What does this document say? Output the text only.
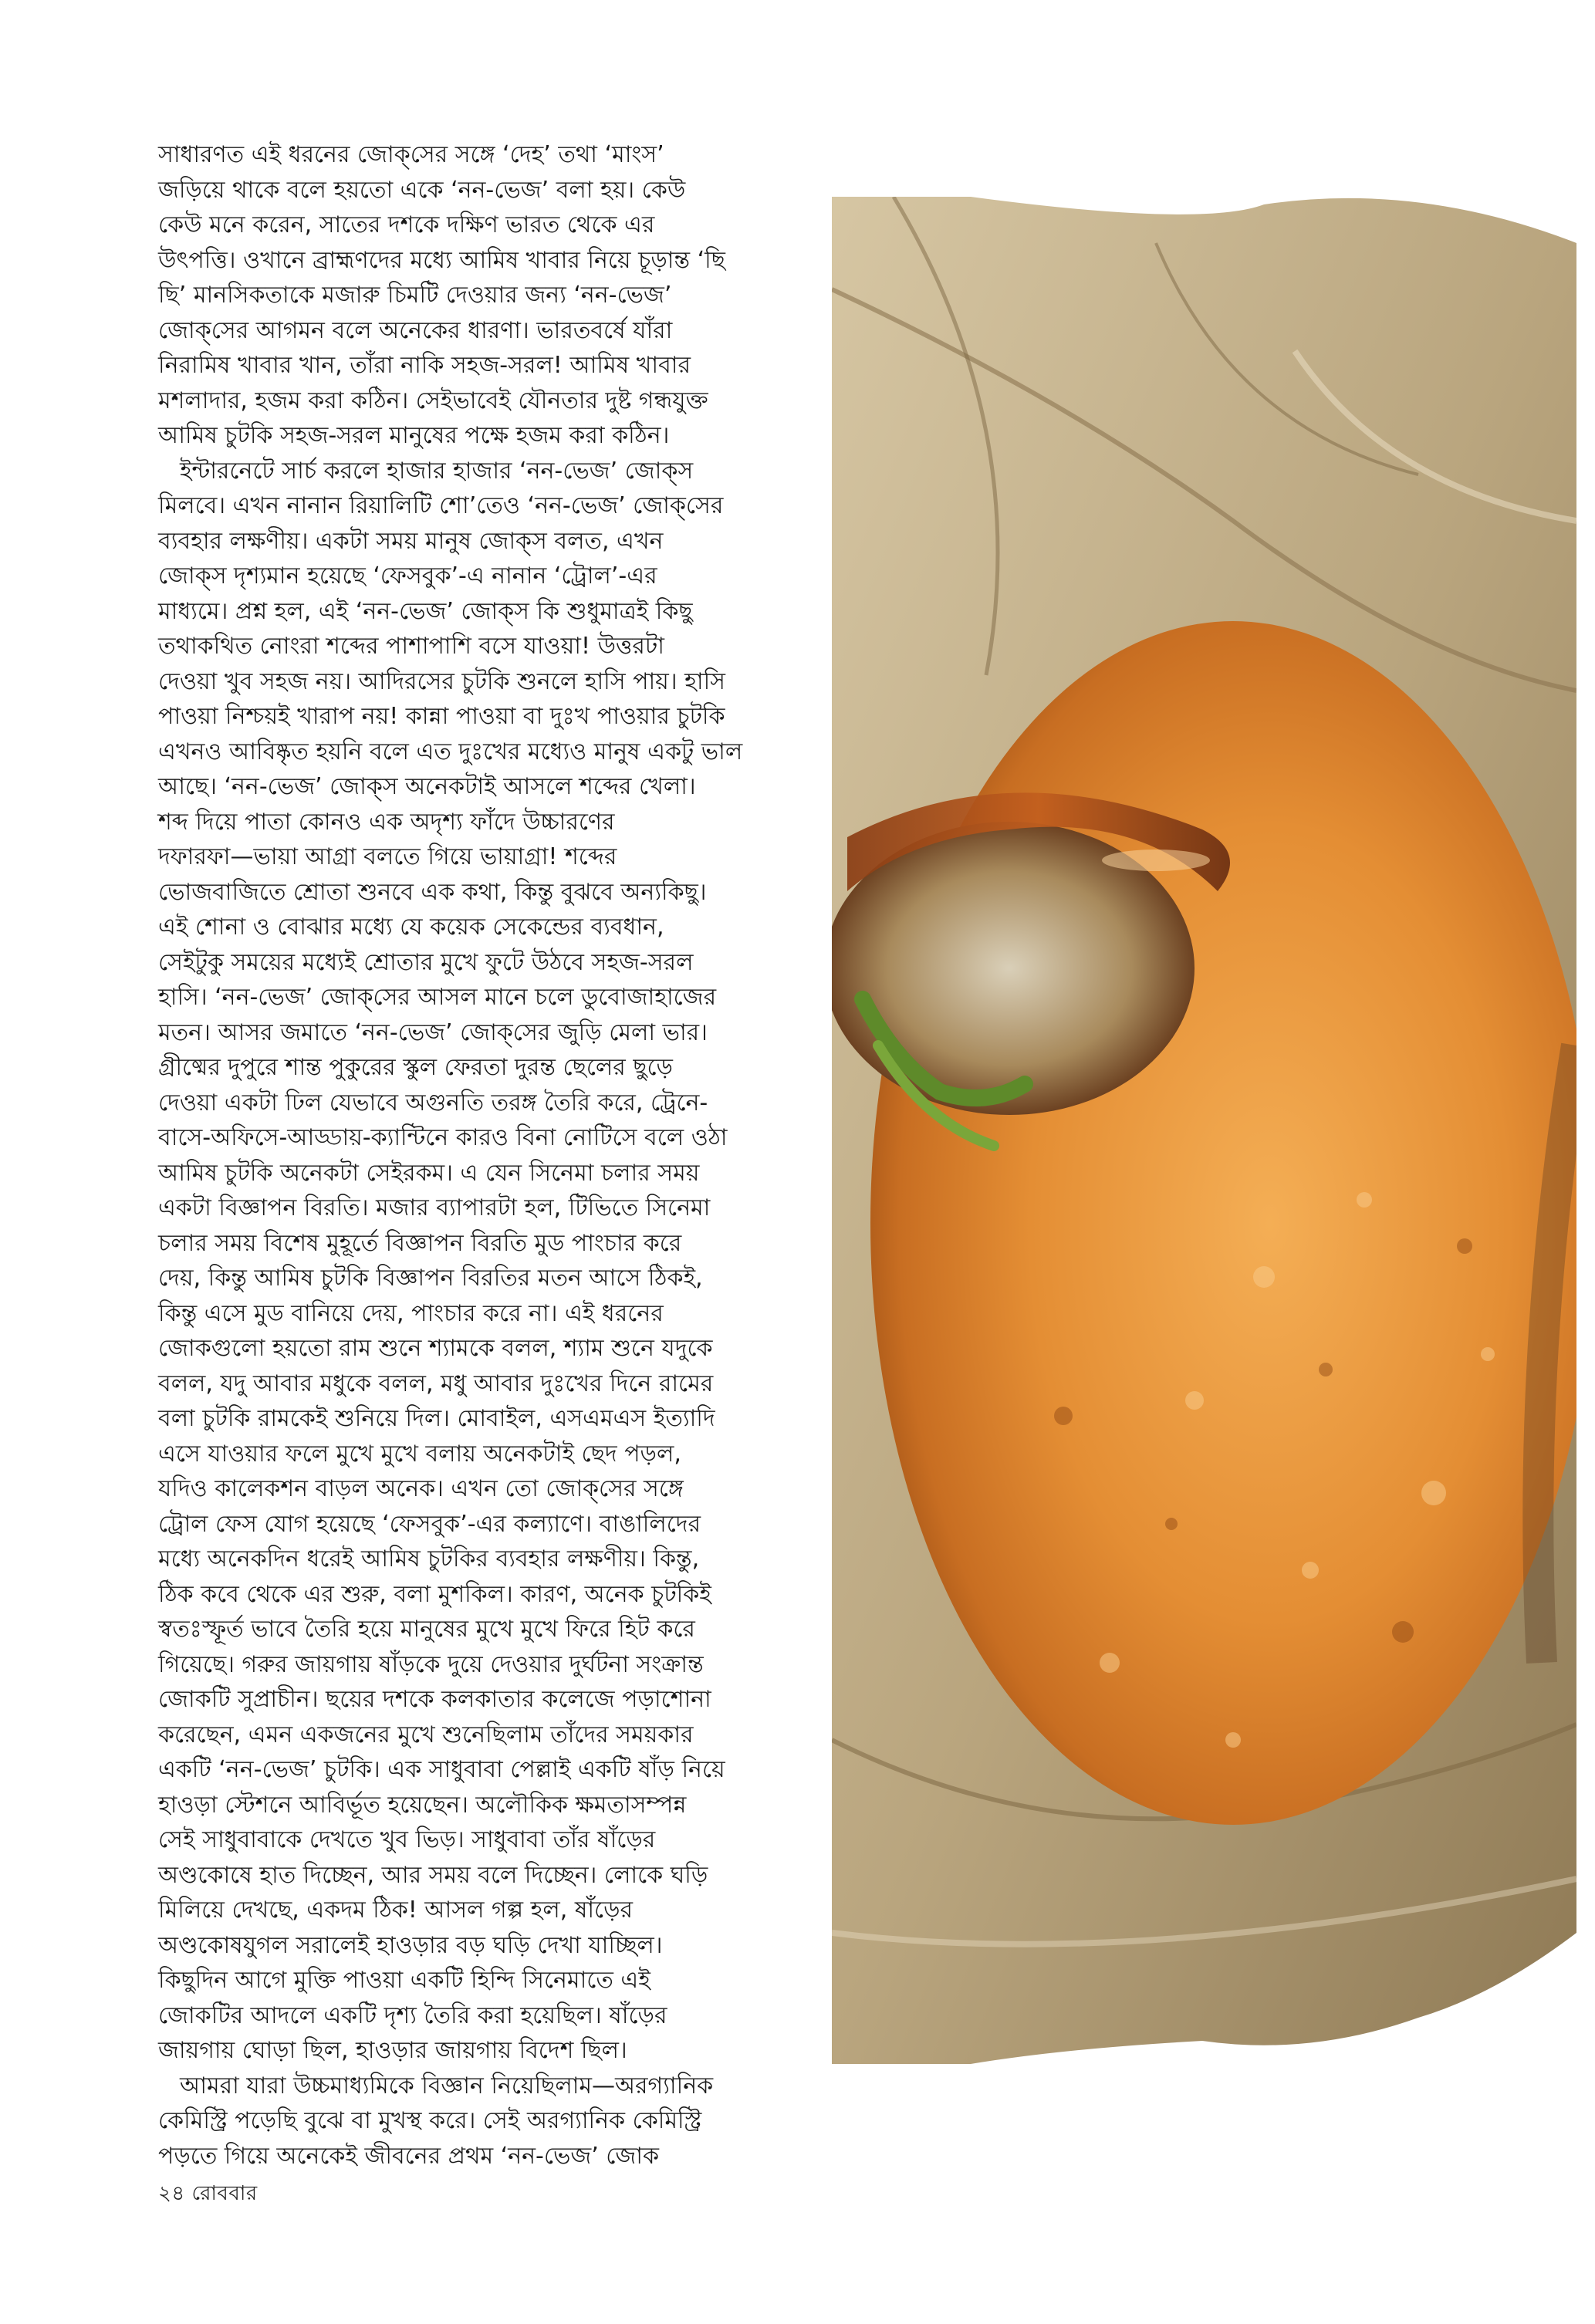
সাধারণত এই ধরনের জোক্‌সের সঙ্গে ‘দেহ’ তথা ‘মাংস’
জড়িয়ে থাকে বলে হয়তো একে ‘নন-ভেজ’ বলা হয়। কেউ
কেউ মনে করেন, সাতের দশকে দক্ষিণ ভারত থেকে এর
উৎপত্তি। ওখানে ব্রাহ্মণদের মধ্যে আমিষ খাবার নিয়ে চূড়ান্ত ‘ছি
ছি’ মানসিকতাকে মজারু চিমটি দেওয়ার জন্য ‘নন-ভেজ’
জোক্‌সের আগমন বলে অনেকের ধারণা। ভারতবর্ষে যাঁরা
নিরামিষ খাবার খান, তাঁরা নাকি সহজ-সরল! আমিষ খাবার
মশলাদার, হজম করা কঠিন। সেইভাবেই যৌনতার দুষ্ট গন্ধযুক্ত
আমিষ চুটকি সহজ-সরল মানুষের পক্ষে হজম করা কঠিন।

ইন্টারনেটে সার্চ করলে হাজার হাজার ‘নন-ভেজ’ জোক্‌স
মিলবে। এখন নানান রিয়ালিটি শো’তেও ‘নন-ভেজ’ জোক্‌সের
ব্যবহার লক্ষণীয়। একটা সময় মানুষ জোক্‌স বলত, এখন
জোক্‌স দৃশ্যমান হয়েছে ‘ফেসবুক’-এ নানান ‘ট্রোল’-এর
মাধ্যমে। প্রশ্ন হল, এই ‘নন-ভেজ’ জোক্‌স কি শুধুমাত্রই কিছু
তথাকথিত নোংরা শব্দের পাশাপাশি বসে যাওয়া! উত্তরটা
দেওয়া খুব সহজ নয়। আদিরসের চুটকি শুনলে হাসি পায়। হাসি
পাওয়া নিশ্চয়ই খারাপ নয়! কান্না পাওয়া বা দুঃখ পাওয়ার চুটকি
এখনও আবিষ্কৃত হয়নি বলে এত দুঃখের মধ্যেও মানুষ একটু ভাল
আছে। ‘নন-ভেজ’ জোক্‌স অনেকটাই আসলে শব্দের খেলা।
শব্দ দিয়ে পাতা কোনও এক অদৃশ্য ফাঁদে উচ্চারণের
দফারফা—ভায়া আগ্রা বলতে গিয়ে ভায়াগ্রা! শব্দের
ভোজবাজিতে শ্রোতা শুনবে এক কথা, কিন্তু বুঝবে অন্যকিছু।
এই শোনা ও বোঝার মধ্যে যে কয়েক সেকেন্ডের ব্যবধান,
সেইটুকু সময়ের মধ্যেই শ্রোতার মুখে ফুটে উঠবে সহজ-সরল
হাসি। ‘নন-ভেজ’ জোক্‌সের আসল মানে চলে ডুবোজাহাজের
মতন। আসর জমাতে ‘নন-ভেজ’ জোক্‌সের জুড়ি মেলা ভার।
গ্রীষ্মের দুপুরে শান্ত পুকুরের স্কুল ফেরতা দুরন্ত ছেলের ছুড়ে
দেওয়া একটা ঢিল যেভাবে অগুনতি তরঙ্গ তৈরি করে, ট্রেনে-
বাসে-অফিসে-আড্ডায়-ক্যান্টিনে কারও বিনা নোটিসে বলে ওঠা
আমিষ চুটকি অনেকটা সেইরকম। এ যেন সিনেমা চলার সময়
একটা বিজ্ঞাপন বিরতি। মজার ব্যাপারটা হল, টিভিতে সিনেমা
চলার সময় বিশেষ মুহূর্তে বিজ্ঞাপন বিরতি মুড পাংচার করে
দেয়, কিন্তু আমিষ চুটকি বিজ্ঞাপন বিরতির মতন আসে ঠিকই,
কিন্তু এসে মুড বানিয়ে দেয়, পাংচার করে না। এই ধরনের
জোকগুলো হয়তো রাম শুনে শ্যামকে বলল, শ্যাম শুনে যদুকে
বলল, যদু আবার মধুকে বলল, মধু আবার দুঃখের দিনে রামের
বলা চুটকি রামকেই শুনিয়ে দিল। মোবাইল, এসএমএস ইত্যাদি
এসে যাওয়ার ফলে মুখে মুখে বলায় অনেকটাই ছেদ পড়ল,
যদিও কালেকশন বাড়ল অনেক। এখন তো জোক্‌সের সঙ্গে
ট্রোল ফেস যোগ হয়েছে ‘ফেসবুক’-এর কল্যাণে। বাঙালিদের
মধ্যে অনেকদিন ধরেই আমিষ চুটকির ব্যবহার লক্ষণীয়। কিন্তু,
ঠিক কবে থেকে এর শুরু, বলা মুশকিল। কারণ, অনেক চুটকিই
স্বতঃস্ফূর্ত ভাবে তৈরি হয়ে মানুষের মুখে মুখে ফিরে হিট করে
গিয়েছে। গরুর জায়গায় ষাঁড়কে দুয়ে দেওয়ার দুর্ঘটনা সংক্রান্ত
জোকটি সুপ্রাচীন। ছয়ের দশকে কলকাতার কলেজে পড়াশোনা
করেছেন, এমন একজনের মুখে শুনেছিলাম তাঁদের সময়কার
একটি ‘নন-ভেজ’ চুটকি। এক সাধুবাবা পেল্লাই একটি ষাঁড় নিয়ে
হাওড়া স্টেশনে আবির্ভূত হয়েছেন। অলৌকিক ক্ষমতাসম্পন্ন
সেই সাধুবাবাকে দেখতে খুব ভিড়। সাধুবাবা তাঁর ষাঁড়ের
অণ্ডকোষে হাত দিচ্ছেন, আর সময় বলে দিচ্ছেন। লোকে ঘড়ি
মিলিয়ে দেখছে, একদম ঠিক! আসল গল্প হল, ষাঁড়ের
অণ্ডকোষযুগল সরালেই হাওড়ার বড় ঘড়ি দেখা যাচ্ছিল।
কিছুদিন আগে মুক্তি পাওয়া একটি হিন্দি সিনেমাতে এই
জোকটির আদলে একটি দৃশ্য তৈরি করা হয়েছিল। ষাঁড়ের
জায়গায় ঘোড়া ছিল, হাওড়ার জায়গায় বিদেশ ছিল।

আমরা যারা উচ্চমাধ্যমিকে বিজ্ঞান নিয়েছিলাম—অরগ্যানিক
কেমিস্ট্রি পড়েছি বুঝে বা মুখস্থ করে। সেই অরগ্যানিক কেমিস্ট্রি
পড়তে গিয়ে অনেকেই জীবনের প্রথম ‘নন-ভেজ’ জোক

২৪ রোববার
